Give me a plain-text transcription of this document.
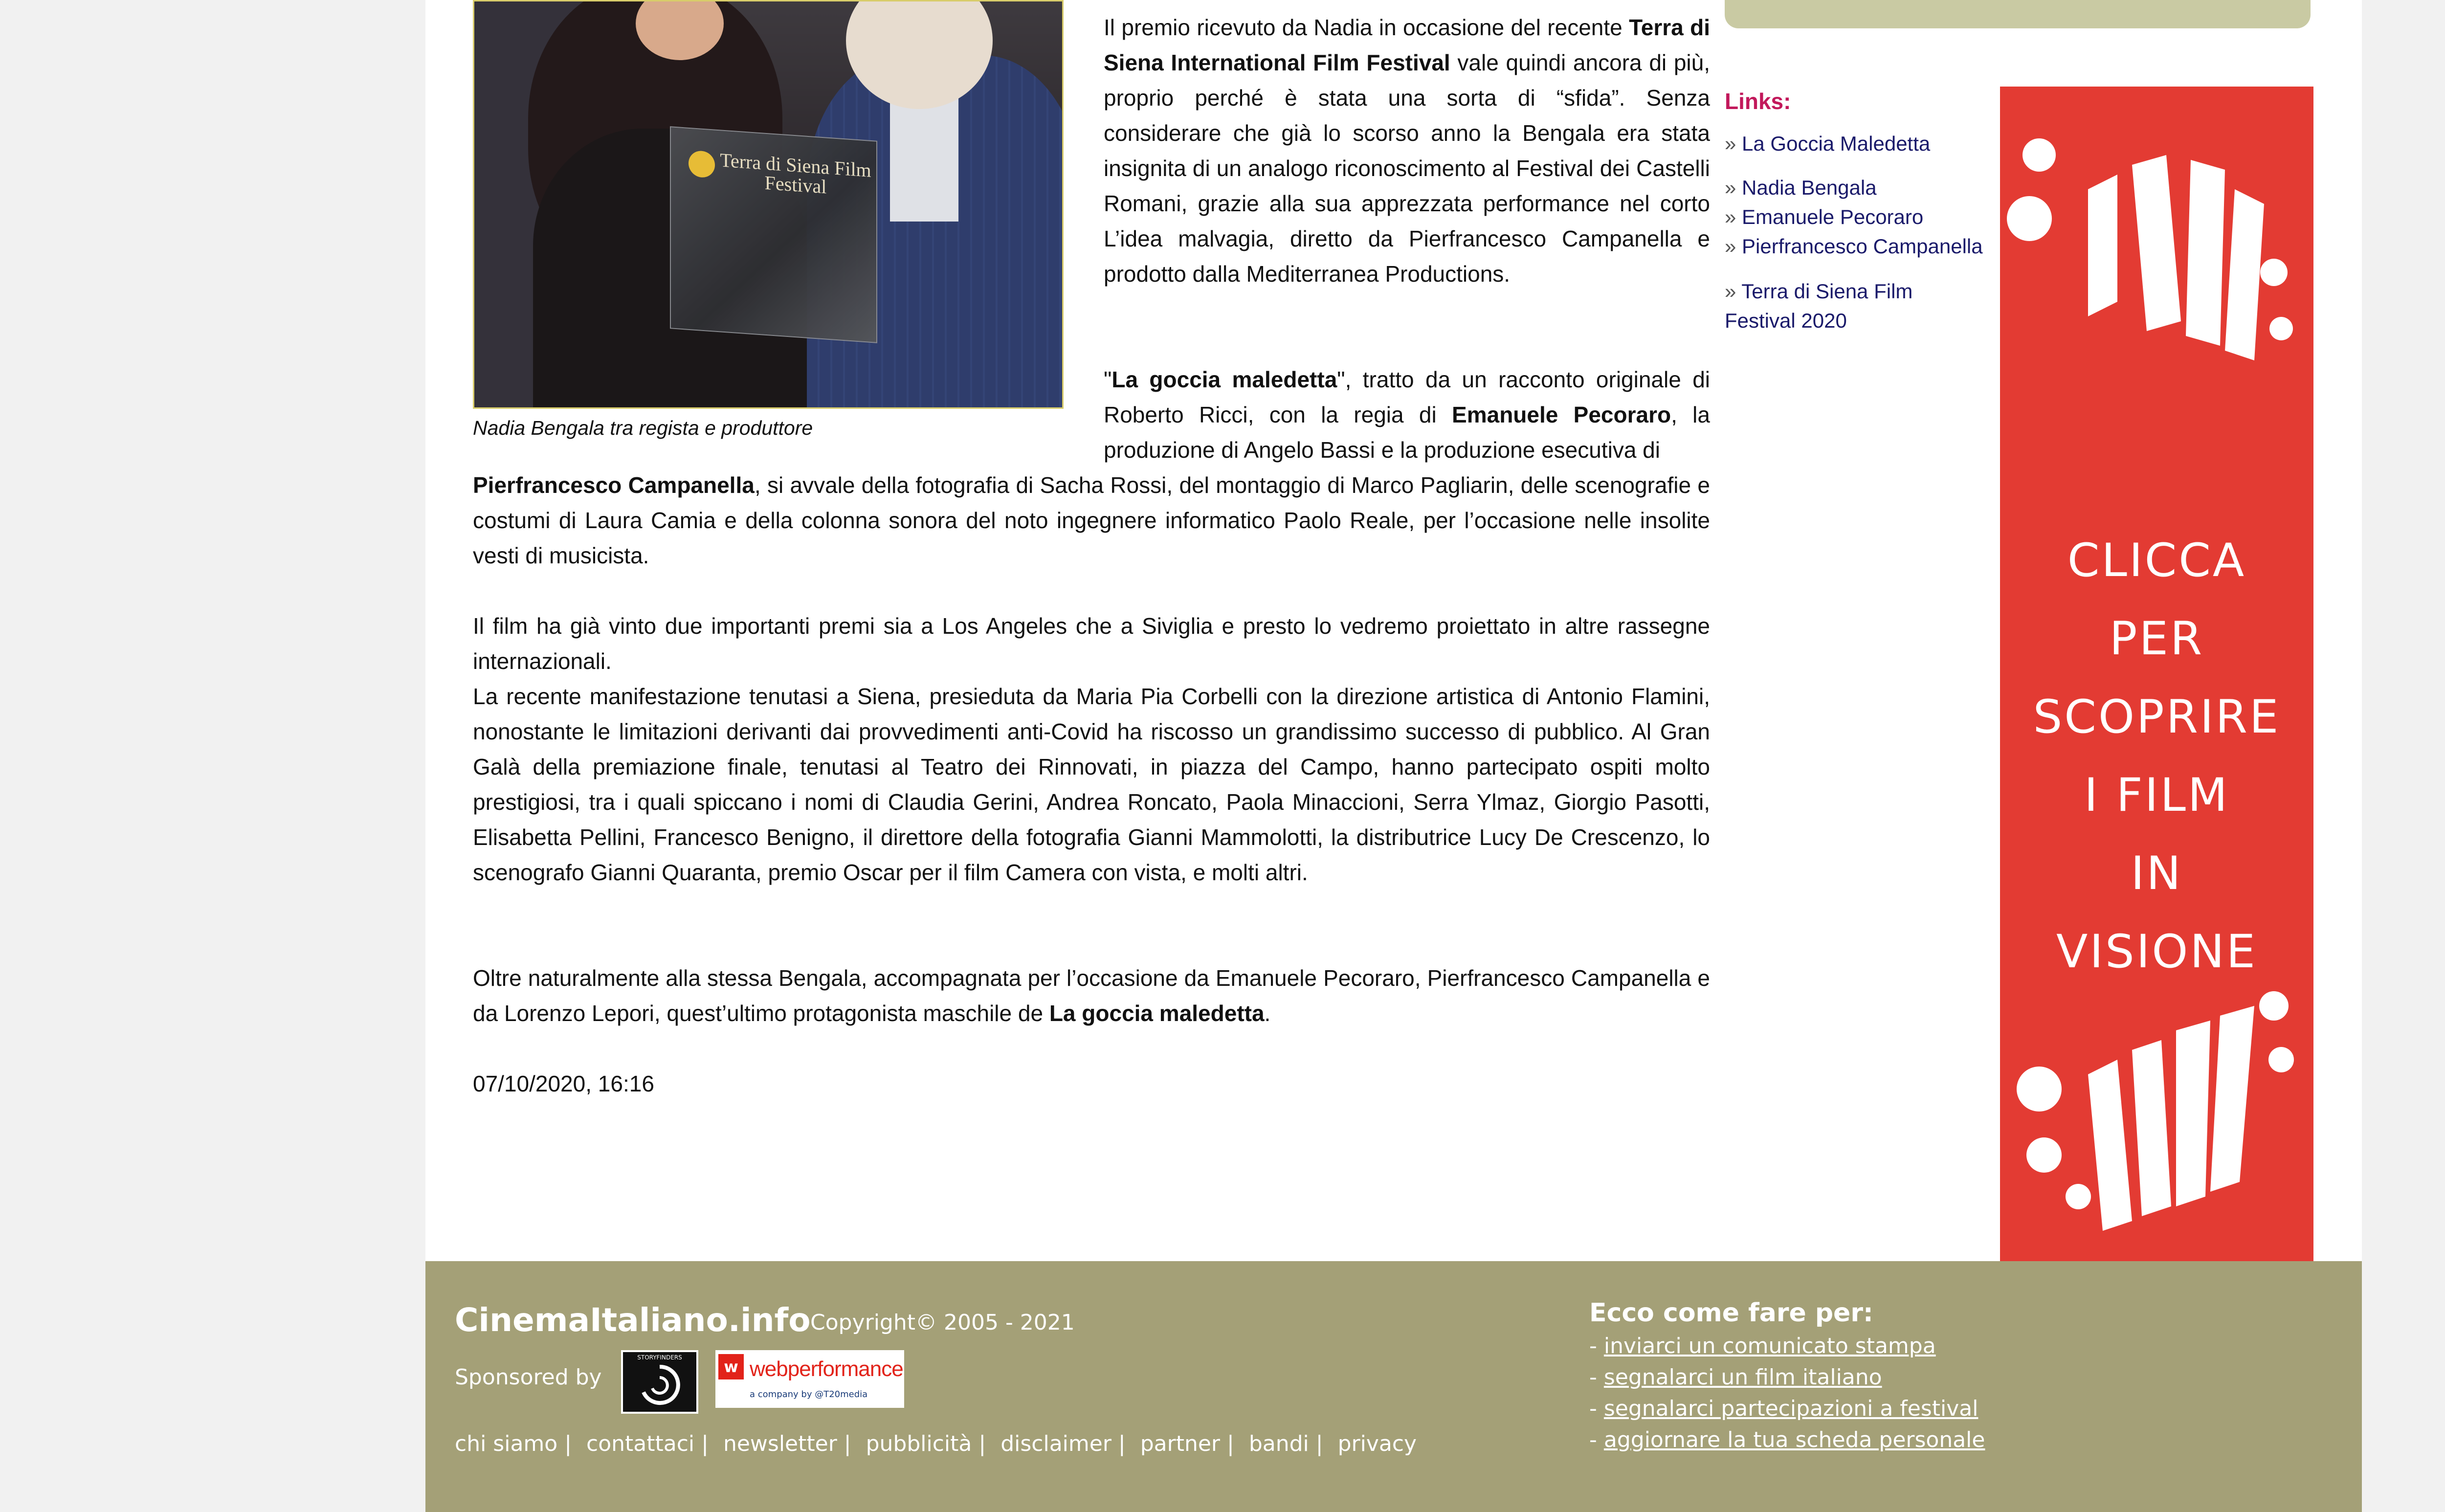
Terra di Siena Film Festival
Nadia Bengala tra regista e produttore

Il premio ricevuto da Nadia in occasione del recente Terra di Siena International Film Festival vale quindi ancora di più, proprio perché è stata una sorta di “sfida”. Senza considerare che già lo scorso anno la Bengala era stata insignita di un analogo riconoscimento al Festival dei Castelli Romani, grazie alla sua apprezzata performance nel corto L’idea malvagia, diretto da Pierfrancesco Campanella e prodotto dalla Mediterranea Productions.

"La goccia maledetta", tratto da un racconto originale di Roberto Ricci, con la regia di Emanuele Pecoraro, la produzione di Angelo Bassi e la produzione esecutiva di

Pierfrancesco Campanella, si avvale della fotografia di Sacha Rossi, del montaggio di Marco Pagliarin, delle scenografie e costumi di Laura Camia e della colonna sonora del noto ingegnere informatico Paolo Reale, per l’occasione nelle insolite vesti di musicista.

Il film ha già vinto due importanti premi sia a Los Angeles che a Siviglia e presto lo vedremo proiettato in altre rassegne internazionali.

La recente manifestazione tenutasi a Siena, presieduta da Maria Pia Corbelli con la direzione artistica di Antonio Flamini, nonostante le limitazioni derivanti dai provvedimenti anti-Covid ha riscosso un grandissimo successo di pubblico. Al Gran Galà della premiazione finale, tenutasi al Teatro dei Rinnovati, in piazza del Campo, hanno partecipato ospiti molto prestigiosi, tra i quali spiccano i nomi di Claudia Gerini, Andrea Roncato, Paola Minaccioni, Serra Ylmaz, Giorgio Pasotti, Elisabetta Pellini, Francesco Benigno, il direttore della fotografia Gianni Mammolotti, la distributrice Lucy De Crescenzo, lo scenografo Gianni Quaranta, premio Oscar per il film Camera con vista, e molti altri.

Oltre naturalmente alla stessa Bengala, accompagnata per l’occasione da Emanuele Pecoraro, Pierfrancesco Campanella e da Lorenzo Lepori, quest’ultimo protagonista maschile de La goccia maledetta.

07/10/2020, 16:16
Links:
» La Goccia Maledetta
» Nadia Bengala
» Emanuele Pecoraro
» Pierfrancesco Campanella
» Terra di Siena Film
Festival 2020
CLICCA
PER
SCOPRIRE
I FILM
IN
VISIONE
CinemaItaliano.info Copyright© 2005 - 2021
Sponsored by
STORYFINDERS	w webperformance
a company by @T20media
chi siamo | contattaci | newsletter | pubblicità | disclaimer | partner | bandi | privacy
Ecco come fare per:
- inviarci un comunicato stampa
- segnalarci un film italiano
- segnalarci partecipazioni a festival
- aggiornare la tua scheda personale
